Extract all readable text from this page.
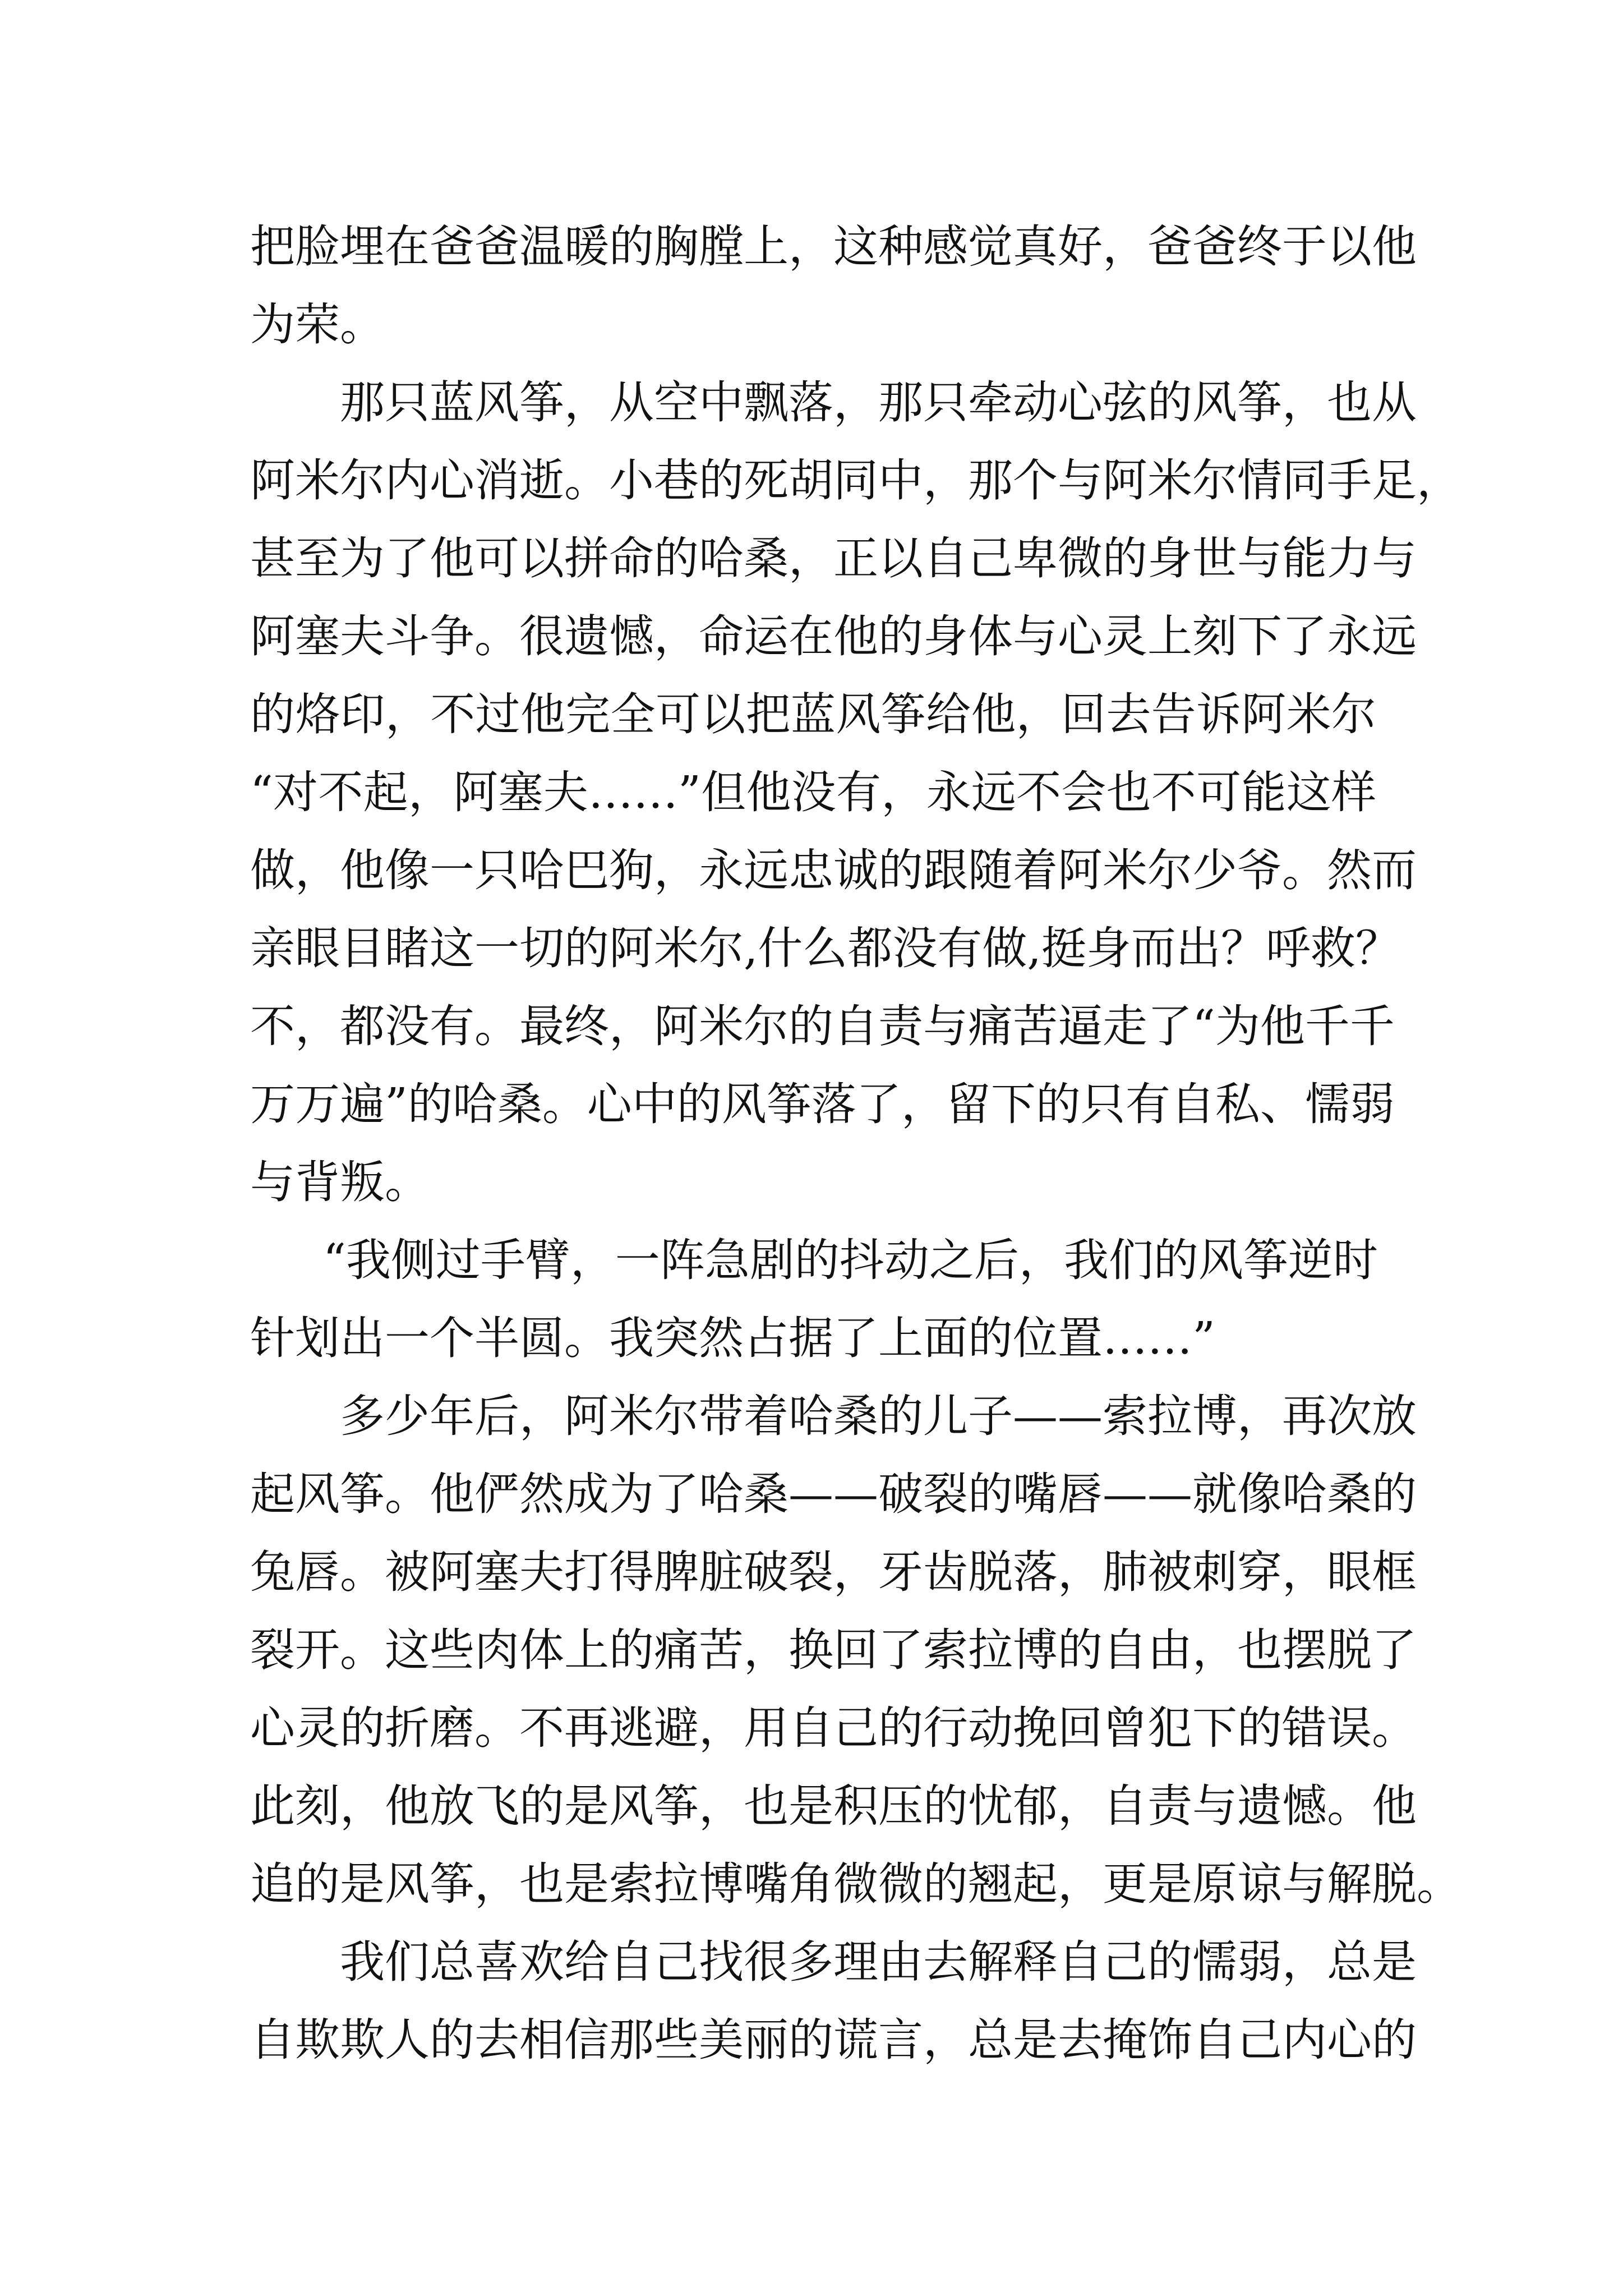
把脸埋在爸爸温暖的胸膛上，这种感觉真好，爸爸终于以他
为荣。
那只蓝风筝，从空中飘落，那只牵动心弦的风筝，也从
阿米尔内心消逝。小巷的死胡同中，那个与阿米尔情同手足，
甚至为了他可以拼命的哈桑，正以自己卑微的身世与能力与
阿塞夫斗争。很遗憾，命运在他的身体与心灵上刻下了永远
的烙印，不过他完全可以把蓝风筝给他，回去告诉阿米尔
“对不起，阿塞夫……”但他没有，永远不会也不可能这样
做，他像一只哈巴狗，永远忠诚的跟随着阿米尔少爷。然而
亲眼目睹这一切的阿米尔,什么都没有做,挺身而出？呼救？
不，都没有。最终，阿米尔的自责与痛苦逼走了“为他千千
万万遍”的哈桑。心中的风筝落了，留下的只有自私、懦弱
与背叛。
“我侧过手臂，一阵急剧的抖动之后，我们的风筝逆时
针划出一个半圆。我突然占据了上面的位置……”
多少年后，阿米尔带着哈桑的儿子——索拉博，再次放
起风筝。他俨然成为了哈桑——破裂的嘴唇——就像哈桑的
兔唇。被阿塞夫打得脾脏破裂，牙齿脱落，肺被刺穿，眼框
裂开。这些肉体上的痛苦，换回了索拉博的自由，也摆脱了
心灵的折磨。不再逃避，用自己的行动挽回曾犯下的错误。
此刻，他放飞的是风筝，也是积压的忧郁，自责与遗憾。他
追的是风筝，也是索拉博嘴角微微的翘起，更是原谅与解脱。
我们总喜欢给自己找很多理由去解释自己的懦弱，总是
自欺欺人的去相信那些美丽的谎言，总是去掩饰自己内心的
